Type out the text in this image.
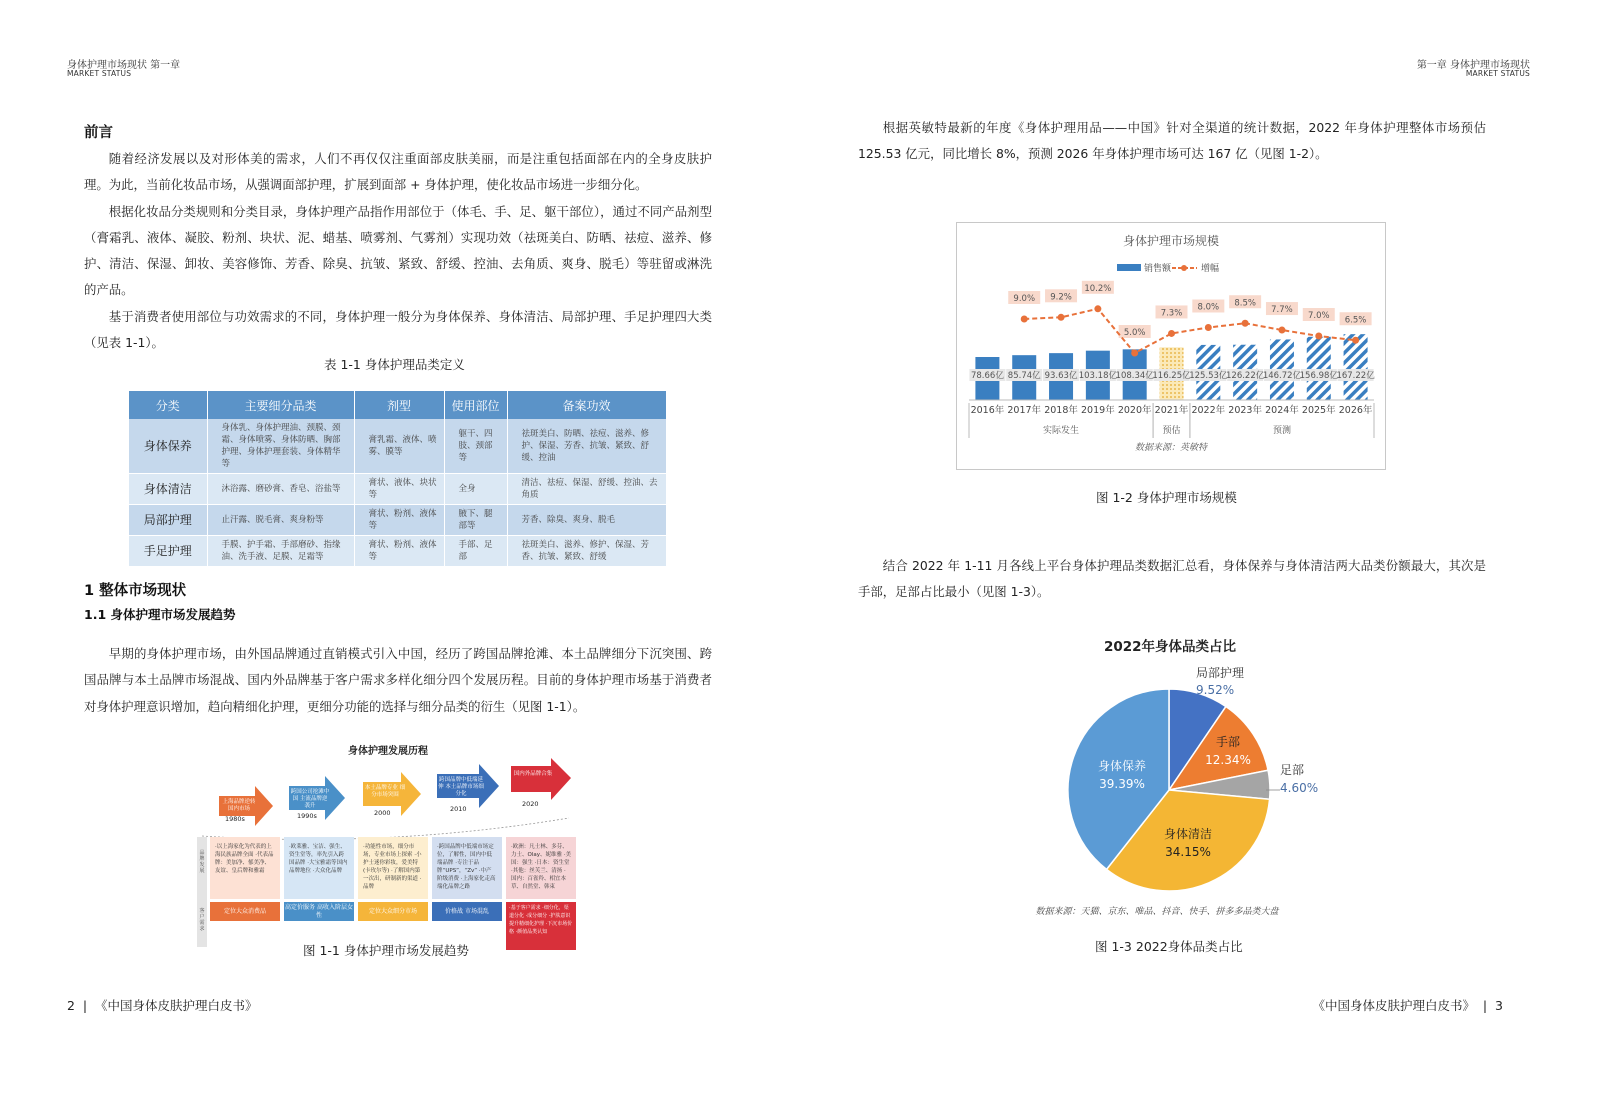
身体护理市场现状 第一章
MARKET STATUS
前言

随着经济发展以及对形体美的需求，人们不再仅仅注重面部皮肤美丽，而是注重包括面部在内的全身皮肤护理。为此，当前化妆品市场，从强调面部护理，扩展到面部 + 身体护理，使化妆品市场进一步细分化。

根据化妆品分类规则和分类目录，身体护理产品指作用部位于（体毛、手、足、躯干部位），通过不同产品剂型（膏霜乳、液体、凝胶、粉剂、块状、泥、蜡基、喷雾剂、气雾剂）实现功效（祛斑美白、防晒、祛痘、滋养、修护、清洁、保湿、卸妆、美容修饰、芳香、除臭、抗皱、紧致、舒缓、控油、去角质、爽身、脱毛）等驻留或淋洗的产品。

基于消费者使用部位与功效需求的不同，身体护理一般分为身体保养、身体清洁、局部护理、手足护理四大类（见表 1-1）。

表 1-1 身体护理品类定义
分类	主要细分品类	剂型	使用部位	备案功效
身体保养	身体乳、身体护理油、颈膜、颈霜、身体喷雾、身体防晒、胸部护理、身体护理套装、身体精华等	膏乳霜、液体、喷雾、膜等	躯干、四肢、颈部等	祛斑美白、防晒、祛痘、滋养、修护、保湿、芳香、抗皱、紧致、舒缓、控油
身体清洁	沐浴露、磨砂膏、香皂、浴盐等	膏状、液体、块状等	全身	清洁、祛痘、保湿、舒缓、控油、去角质
局部护理	止汗露、脱毛膏、爽身粉等	膏状、粉剂、液体等	腋下、腿部等	芳香、除臭、爽身、脱毛
手足护理	手膜、护手霜、手部磨砂、指缘油、洗手液、足膜、足霜等	膏状、粉剂、液体等	手部、足部	祛斑美白、滋养、修护、保湿、芳香、抗皱、紧致、舒缓
1 整体市场现状
1.1 身体护理市场发展趋势

早期的身体护理市场，由外国品牌通过直销模式引入中国，经历了跨国品牌抢滩、本土品牌细分下沉突围、跨国品牌与本土品牌市场混战、国内外品牌基于客户需求多样化细分四个发展历程。目前的身体护理市场基于消费者对身体护理意识增加，趋向精细化护理，更细分功能的选择与细分品类的衍生（见图 1-1）。

身体护理发展历程
上海品牌逆转 国内市场
跨国公司抢滩中国 主流品牌逆袭升
本土品牌专业 细分市场突围
跨国品牌中低端延伸 本土品牌市场细分化
国内外品牌合集
1980s	1990s	2000	2010
2020
品牌发展
客户需求
·以上海家化为代表的上海民族品牌全面 ·代表品牌：美加净、郁美净、友谊、皇后牌和雅霜
·欧莱雅、宝洁、强生、资生堂等，率先引入跨国品牌 ·大宝雅霜等国内品牌地位 ·大众化品牌
·功能性市场，细分市场，专业市场上探索 ·小护士迷你彩妆，爱美特(卡玫尔等) ·了解国内第一次出，研制新的渠道 ·品牌
·跨国品牌中低端市场定位，了解性，国内中低端品牌 ·专注于品牌“UPS”，“Zv” ·中产阶级消费 ·上海家化走高端化品牌之路
·欧洲：凡士林、多芬、力士、Olay、妮维雅 ·美国：强生 ·日本：资生堂 ·其他：丝芙兰、清扬 ·国内：百雀羚、相宜本草、自然堂、韩束
定位大众消费品
高定价服务 高收入阶层女性
定位大众细分市场	价格战 市场混乱	·基于客户需求 ·细分化，渠道分化 ·成分细分 ·护肤意识提升精细化护理 ·下沉市场价格 ·颜值品类认知
图 1-1 身体护理市场发展趋势
2  |  《中国身体皮肤护理白皮书》
第一章 身体护理市场现状
MARKET STATUS

根据英敏特最新的年度《身体护理用品——中国》针对全渠道的统计数据，2022 年身体护理整体市场预估 125.53 亿元，同比增长 8%，预测 2026 年身体护理市场可达 167 亿（见图 1-2）。

身体护理市场规模
销售额	增幅
78.66亿
2016年
85.74亿
2017年
9.0%
93.63亿
2018年
9.2%
103.18亿
2019年
10.2%
108.34亿
2020年
5.0%
116.25亿
2021年
7.3%
125.53亿
2022年
8.0%
126.22亿
2023年
8.5%
146.72亿
2024年
7.7%
156.98亿
2025年
7.0%
167.22亿
2026年
6.5%
实际发生	预估	预测
数据来源：英敏特
图 1-2 身体护理市场规模

结合 2022 年 1-11 月各线上平台身体护理品类数据汇总看，身体保养与身体清洁两大品类份额最大，其次是手部，足部占比最小（见图 1-3）。

2022年身体品类占比
局部护理
9.52%
手部
12.34%
足部
4.60%
身体清洁
34.15%
身体保养
39.39%
数据来源：天猫、京东、唯品、抖音、快手、拼多多品类大盘
图 1-3 2022身体品类占比
《中国身体皮肤护理白皮书》  |  3
